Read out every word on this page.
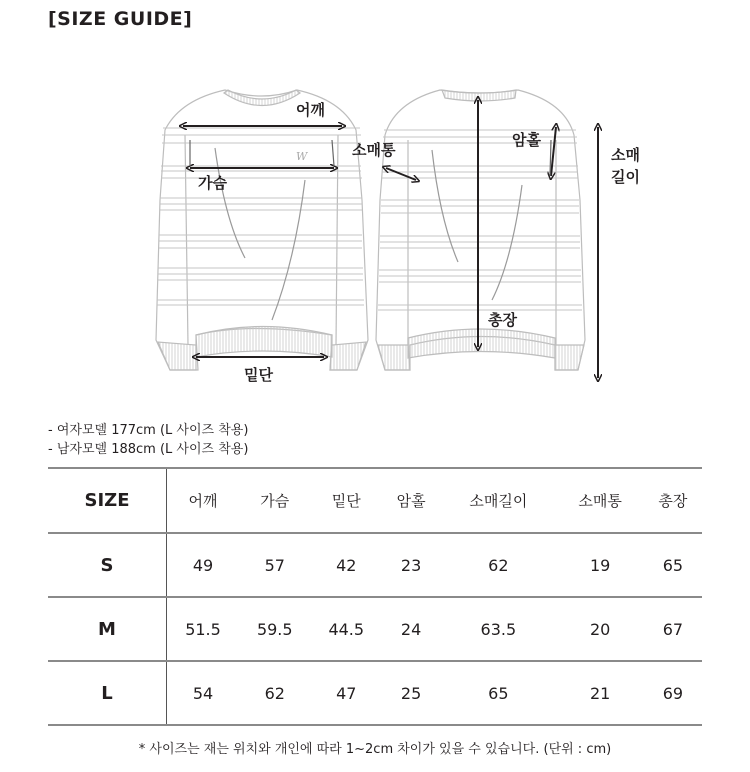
[SIZE GUIDE]
W
어깨
가슴
밑단
소매통
암홀
총장
소매
길이
- 여자모델 177cm (L 사이즈 착용)
- 남자모델 188cm (L 사이즈 착용)
SIZE	어깨	가슴	밑단	암홀	소매길이	소매통	총장
S	49	57	42	23	62	19	65
M	51.5	59.5	44.5	24	63.5	20	67
L	54	62	47	25	65	21	69
* 사이즈는 재는 위치와 개인에 따라 1~2cm 차이가 있을 수 있습니다. (단위 : cm)
